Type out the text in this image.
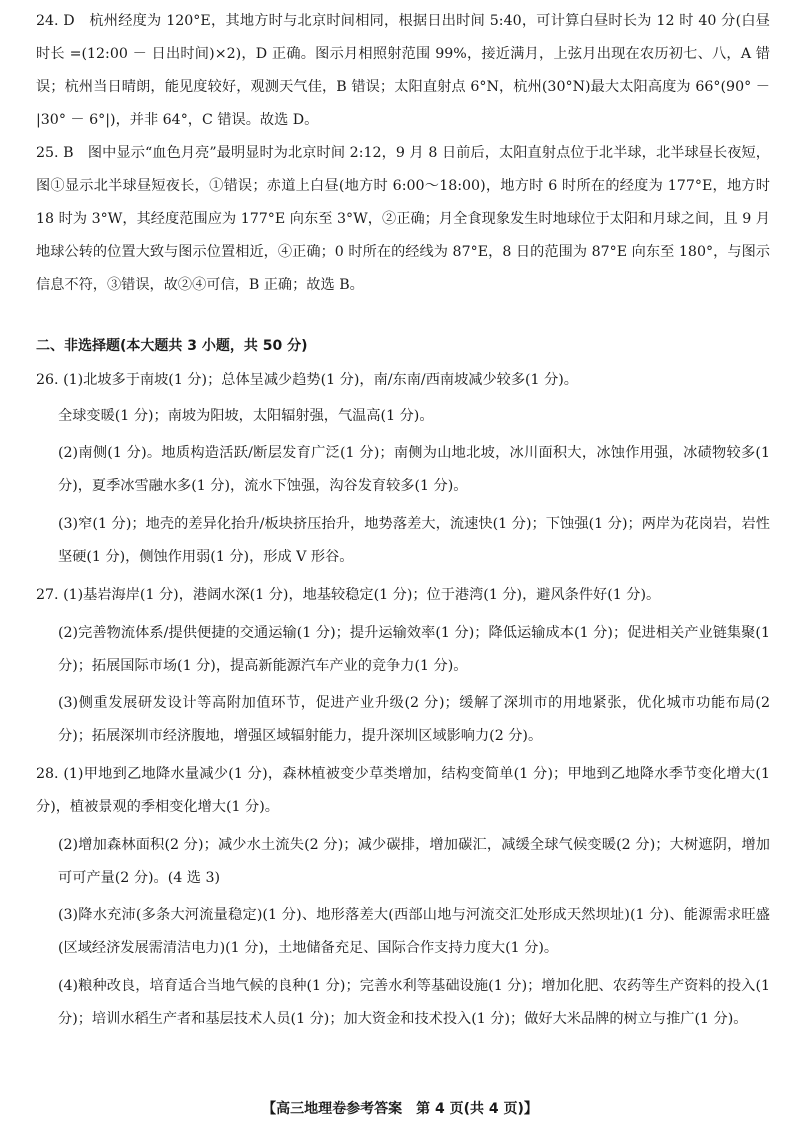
24. D　杭州经度为 120°E，其地方时与北京时间相同，根据日出时间 5:40，可计算白昼时长为 12 时 40 分(白昼时长 =(12:00 － 日出时间)×2)，D 正确。图示月相照射范围 99%，接近满月，上弦月出现在农历初七、八，A 错误；杭州当日晴朗，能见度较好，观测天气佳，B 错误；太阳直射点 6°N，杭州(30°N)最大太阳高度为 66°(90° － |30° － 6°|)，并非 64°，C 错误。故选 D。
25. B　图中显示“血色月亮”最明显时为北京时间 2:12，9 月 8 日前后，太阳直射点位于北半球，北半球昼长夜短，图①显示北半球昼短夜长，①错误；赤道上白昼(地方时 6:00～18:00)，地方时 6 时所在的经度为 177°E，地方时 18 时为 3°W，其经度范围应为 177°E 向东至 3°W，②正确；月全食现象发生时地球位于太阳和月球之间，且 9 月地球公转的位置大致与图示位置相近，④正确；0 时所在的经线为 87°E，8 日的范围为 87°E 向东至 180°，与图示信息不符，③错误，故②④可信，B 正确；故选 B。
二、非选择题(本大题共 3 小题，共 50 分)
26. (1)北坡多于南坡(1 分)；总体呈减少趋势(1 分)，南/东南/西南坡减少较多(1 分)。
全球变暖(1 分)；南坡为阳坡，太阳辐射强，气温高(1 分)。
(2)南侧(1 分)。地质构造活跃/断层发育广泛(1 分)；南侧为山地北坡，冰川面积大，冰蚀作用强，冰碛物较多(1 分)，夏季冰雪融水多(1 分)，流水下蚀强，沟谷发育较多(1 分)。
(3)窄(1 分)；地壳的差异化抬升/板块挤压抬升，地势落差大，流速快(1 分)；下蚀强(1 分)；两岸为花岗岩，岩性坚硬(1 分)，侧蚀作用弱(1 分)，形成 V 形谷。
27. (1)基岩海岸(1 分)，港阔水深(1 分)，地基较稳定(1 分)；位于港湾(1 分)，避风条件好(1 分)。
(2)完善物流体系/提供便捷的交通运输(1 分)；提升运输效率(1 分)；降低运输成本(1 分)；促进相关产业链集聚(1 分)；拓展国际市场(1 分)，提高新能源汽车产业的竞争力(1 分)。
(3)侧重发展研发设计等高附加值环节，促进产业升级(2 分)；缓解了深圳市的用地紧张，优化城市功能布局(2 分)；拓展深圳市经济腹地，增强区域辐射能力，提升深圳区域影响力(2 分)。
28. (1)甲地到乙地降水量减少(1 分)，森林植被变少草类增加，结构变简单(1 分)；甲地到乙地降水季节变化增大(1 分)，植被景观的季相变化增大(1 分)。
(2)增加森林面积(2 分)；减少水土流失(2 分)；减少碳排，增加碳汇，减缓全球气候变暖(2 分)；大树遮阴，增加可可产量(2 分)。(4 选 3)
(3)降水充沛(多条大河流量稳定)(1 分)、地形落差大(西部山地与河流交汇处形成天然坝址)(1 分)、能源需求旺盛(区域经济发展需清洁电力)(1 分)，土地储备充足、国际合作支持力度大(1 分)。
(4)粮种改良，培育适合当地气候的良种(1 分)；完善水利等基础设施(1 分)；增加化肥、农药等生产资料的投入(1 分)；培训水稻生产者和基层技术人员(1 分)；加大资金和技术投入(1 分)；做好大米品牌的树立与推广(1 分)。
【高三地理卷参考答案　第 4 页(共 4 页)】
